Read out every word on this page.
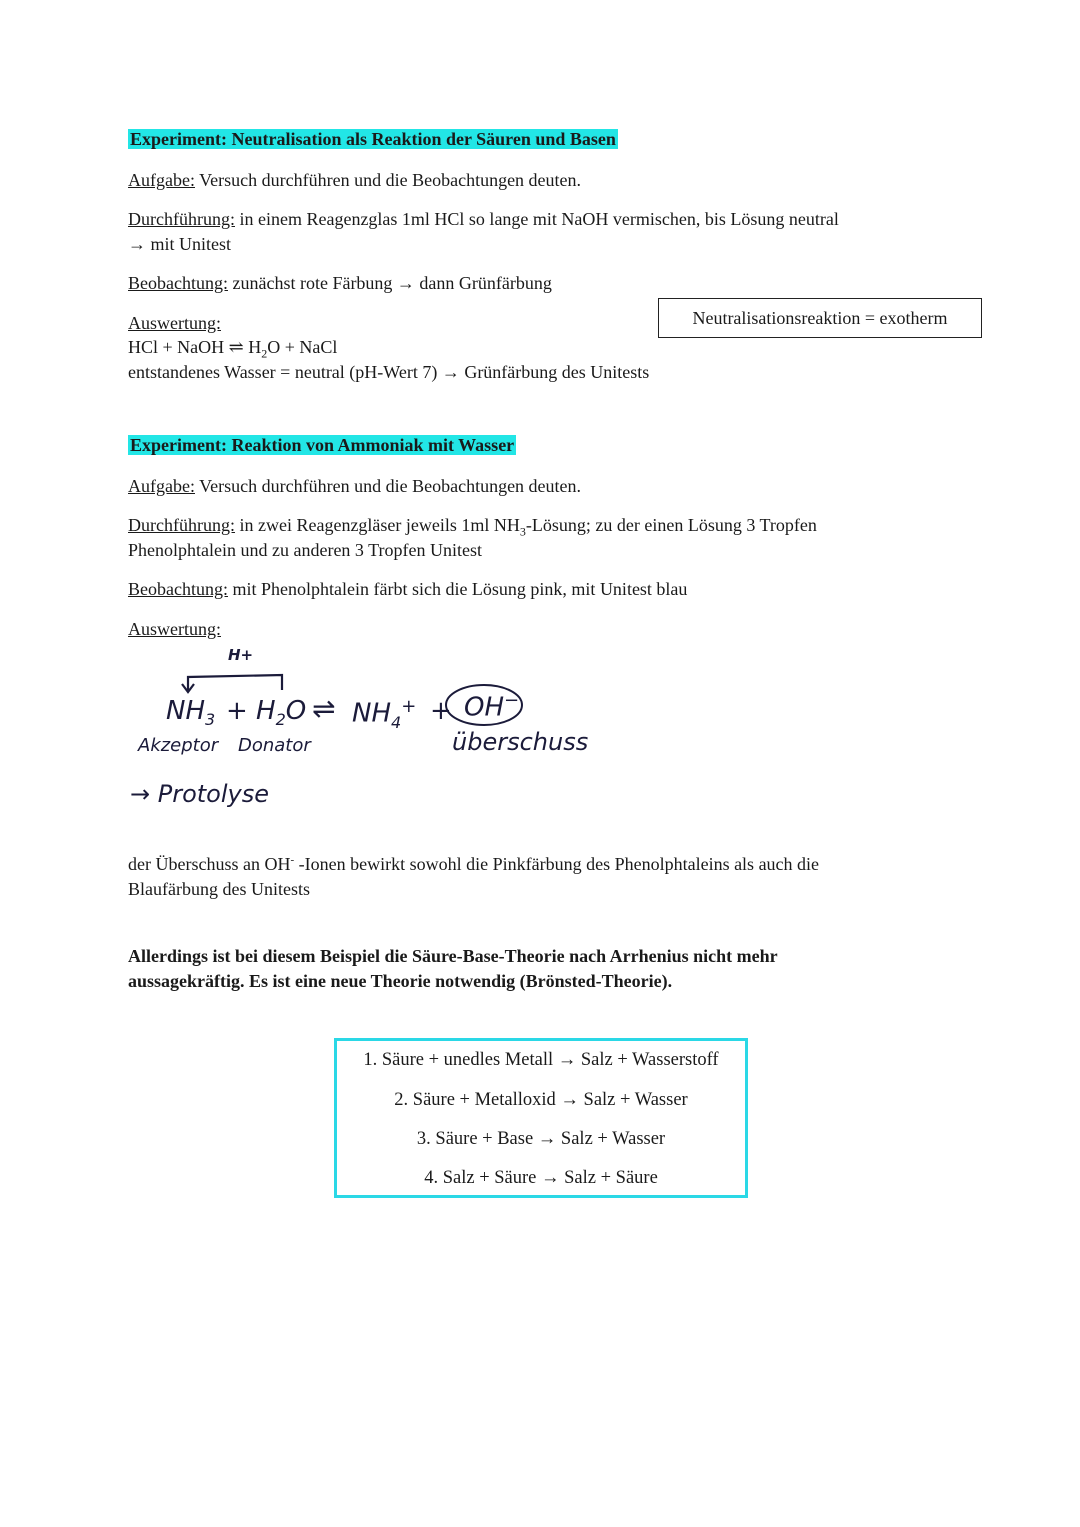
Experiment: Neutralisation als Reaktion der Säuren und Basen
Aufgabe: Versuch durchführen und die Beobachtungen deuten.
Durchführung: in einem Reagenzglas 1ml HCl so lange mit NaOH vermischen, bis Lösung neutral
→ mit Unitest
Beobachtung: zunächst rote Färbung → dann Grünfärbung
Neutralisationsreaktion = exotherm
Auswertung:
HCl + NaOH ⇌ $H_2O$ + NaCl
entstandenes Wasser = neutral (pH-Wert 7) → Grünfärbung des Unitests
Experiment: Reaktion von Ammoniak mit Wasser
Aufgabe: Versuch durchführen und die Beobachtungen deuten.
Durchführung: in zwei Reagenzgläser jeweils 1ml $NH_3$-Lösung; zu der einen Lösung 3 Tropfen
Phenolphtalein und zu anderen 3 Tropfen Unitest
Beobachtung: mit Phenolphtalein färbt sich die Lösung pink, mit Unitest blau
Auswertung:
H+
$NH_3 + H_2O$ ⇌ $NH_4^+ + OH^-$
Akzeptor Donator	überschuss
→ Protolyse
der Überschuss an OH- -Ionen bewirkt sowohl die Pinkfärbung des Phenolphtaleins als auch die
Blaufärbung des Unitests
Allerdings ist bei diesem Beispiel die Säure-Base-Theorie nach Arrhenius nicht mehr
aussagekräftig. Es ist eine neue Theorie notwendig (Brönsted-Theorie).
1. Säure + unedles Metall → Salz + Wasserstoff
2. Säure + Metalloxid → Salz + Wasser
3. Säure + Base → Salz + Wasser
4. Salz + Säure → Salz + Säure
